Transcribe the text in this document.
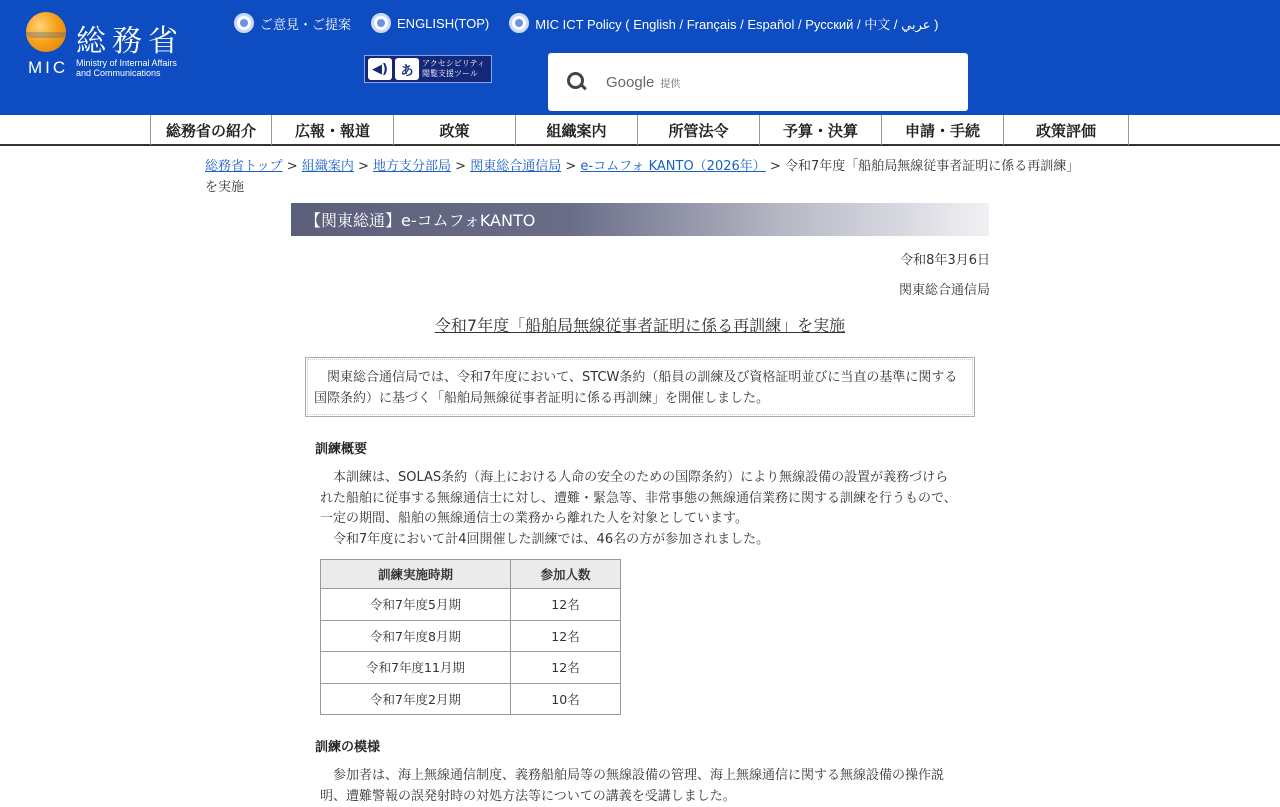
総務省
MIC Ministry of Internal Affairs
and Communications
ご意見・ご提案	ENGLISH(TOP)	MIC ICT Policy ( English / Français / Español / Русский / 中文 / عربي )
◀) あ	アクセシビリティ
閲覧支援ツール	Google 提供
総務省の紹介	広報・報道	政策	組織案内	所管法令	予算・決算	申請・手続	政策評価
総務省トップ > 組織案内 > 地方支分部局 > 関東総合通信局 > e-コムフォ KANTO（2026年） > 令和7年度「船舶局無線従事者証明に係る再訓練」を実施
【関東総通】e-コムフォKANTO
令和8年3月6日
関東総合通信局
令和7年度「船舶局無線従事者証明に係る再訓練」を実施
　関東総合通信局では、令和7年度において、STCW条約（船員の訓練及び資格証明並びに当直の基準に関する国際条約）に基づく「船舶局無線従事者証明に係る再訓練」を開催しました。
訓練概要
　本訓練は、SOLAS条約（海上における人命の安全のための国際条約）により無線設備の設置が義務づけられた船舶に従事する無線通信士に対し、遭難・緊急等、非常事態の無線通信業務に関する訓練を行うもので、一定の期間、船舶の無線通信士の業務から離れた人を対象としています。
　令和7年度において計4回開催した訓練では、46名の方が参加されました。
訓練実施時期	参加人数
令和7年度5月期	12名
令和7年度8月期	12名
令和7年度11月期	12名
令和7年度2月期	10名
訓練の模様
　参加者は、海上無線通信制度、義務船舶局等の無線設備の管理、海上無線通信に関する無線設備の操作説明、遭難警報の誤発射時の対処方法等についての講義を受講しました。
